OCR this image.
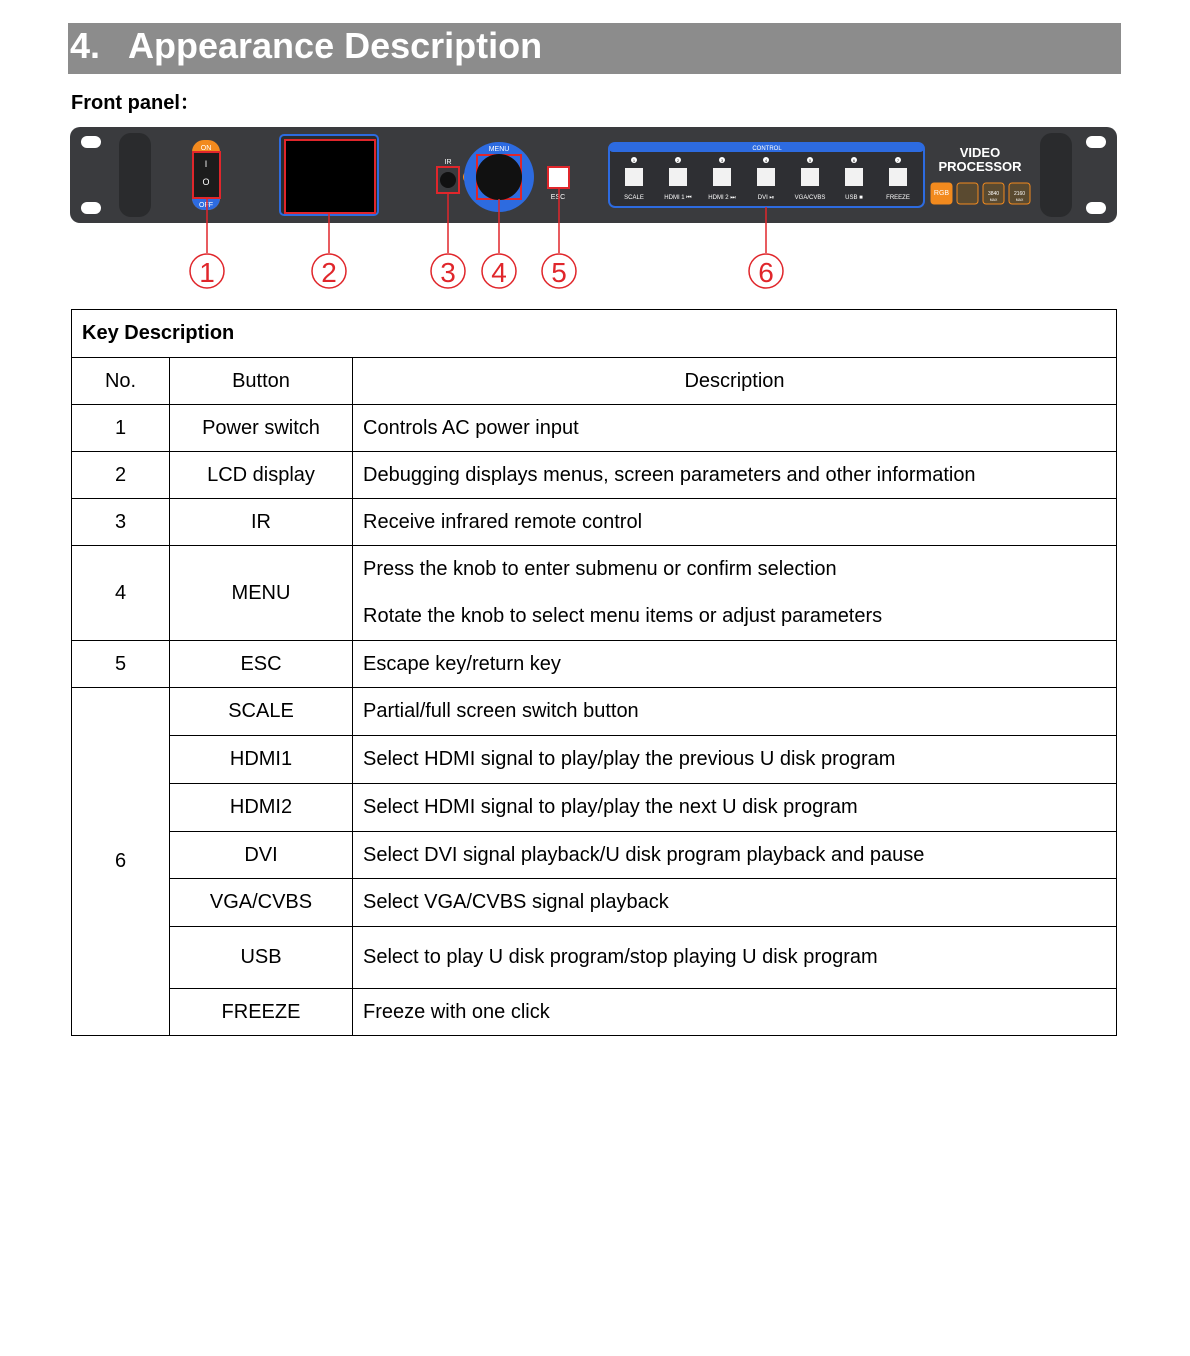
4. Appearance Description
Front panel：
ON
OFF
I
O
IR
MENU
ESC
CONTROL
1
SCALE
2
HDMI 1 ⏮
3
HDMI 2 ⏭
4
DVI ⏯
5
VGA/CVBS
6
USB ■
7
FREEZE
VIDEO
PROCESSOR
RGB	3840
MAX
2160
MAX
1	2	3 4 5	6
Key Description		
No.	Button	Description
1	Power switch	Controls AC power input
2	LCD display	Debugging displays menus, screen parameters and other information
3	IR	Receive infrared remote control
4	MENU	Press the knob to enter submenu or confirm selection
Rotate the knob to select menu items or adjust parameters

5	ESC	Escape key/return key
6	SCALE	Partial/full screen switch button
	HDMI1	Select HDMI signal to play/play the previous U disk program
	HDMI2	Select HDMI signal to play/play the next U disk program
	DVI	Select DVI signal playback/U disk program playback and pause
	VGA/CVBS	Select VGA/CVBS signal playback
	USB	Select to play U disk program/stop playing U disk program
	FREEZE	Freeze with one click
